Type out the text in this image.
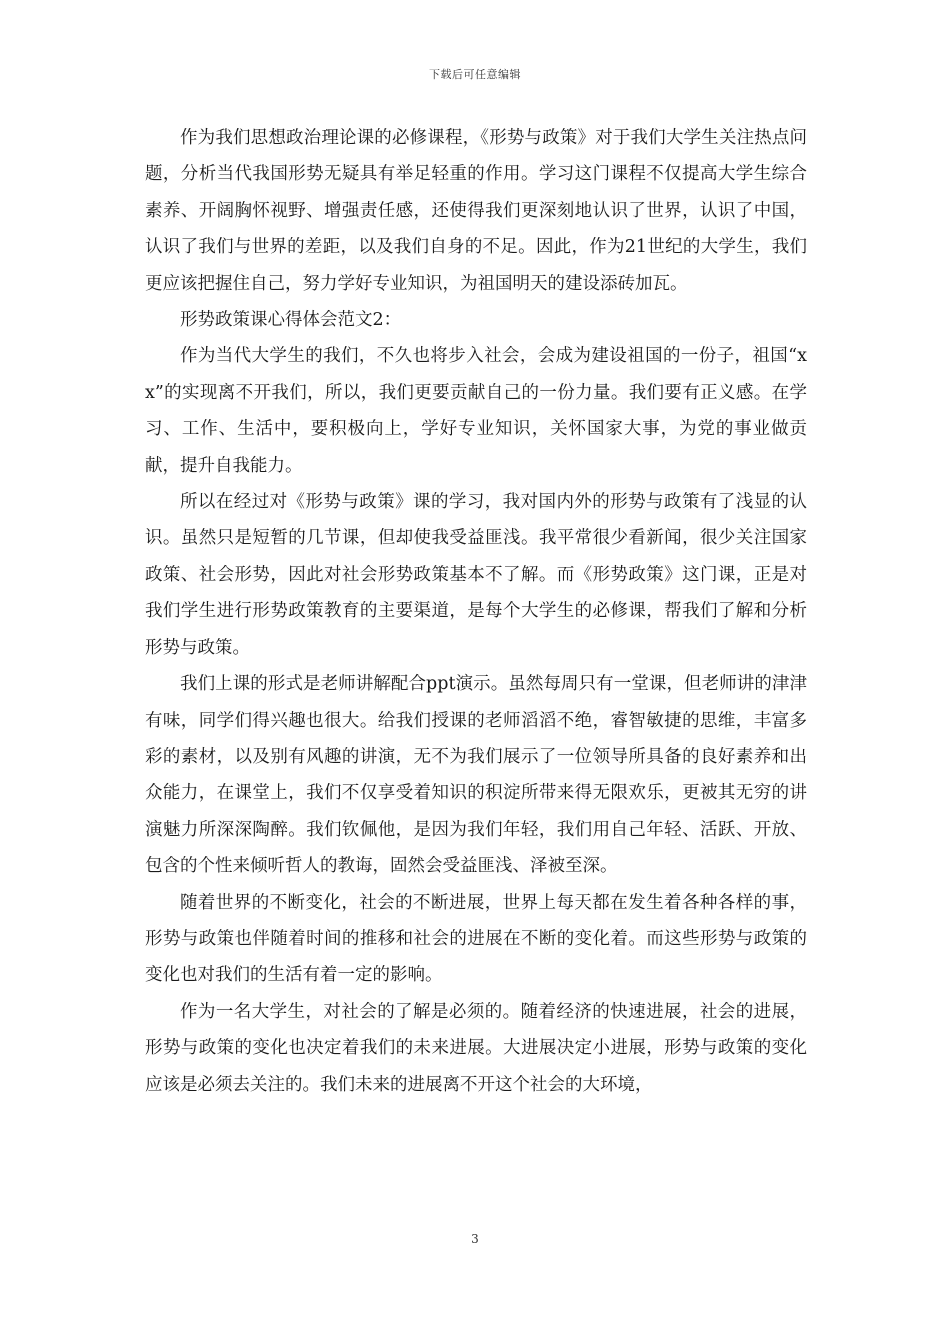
下载后可任意编辑

作为我们思想政治理论课的必修课程，《形势与政策》对于我们大学生关注热点问题，分析当代我国形势无疑具有举足轻重的作用。学习这门课程不仅提高大学生综合素养、开阔胸怀视野、增强责任感，还使得我们更深刻地认识了世界，认识了中国，认识了我们与世界的差距，以及我们自身的不足。因此，作为21世纪的大学生，我们更应该把握住自己，努力学好专业知识，为祖国明天的建设添砖加瓦。

形势政策课心得体会范文2：

作为当代大学生的我们，不久也将步入社会，会成为建设祖国的一份子，祖国“xx”的实现离不开我们，所以，我们更要贡献自己的一份力量。我们要有正义感。在学习、工作、生活中，要积极向上，学好专业知识，关怀国家大事，为党的事业做贡献，提升自我能力。

所以在经过对《形势与政策》课的学习，我对国内外的形势与政策有了浅显的认识。虽然只是短暂的几节课，但却使我受益匪浅。我平常很少看新闻，很少关注国家政策、社会形势，因此对社会形势政策基本不了解。而《形势政策》这门课，正是对我们学生进行形势政策教育的主要渠道，是每个大学生的必修课，帮我们了解和分析形势与政策。

我们上课的形式是老师讲解配合ppt演示。虽然每周只有一堂课，但老师讲的津津有味，同学们得兴趣也很大。给我们授课的老师滔滔不绝，睿智敏捷的思维，丰富多彩的素材，以及别有风趣的讲演，无不为我们展示了一位领导所具备的良好素养和出众能力，在课堂上，我们不仅享受着知识的积淀所带来得无限欢乐，更被其无穷的讲演魅力所深深陶醉。我们钦佩他，是因为我们年轻，我们用自己年轻、活跃、开放、包含的个性来倾听哲人的教诲，固然会受益匪浅、泽被至深。

随着世界的不断变化，社会的不断进展，世界上每天都在发生着各种各样的事，形势与政策也伴随着时间的推移和社会的进展在不断的变化着。而这些形势与政策的变化也对我们的生活有着一定的影响。

作为一名大学生，对社会的了解是必须的。随着经济的快速进展，社会的进展，形势与政策的变化也决定着我们的未来进展。大进展决定小进展，形势与政策的变化应该是必须去关注的。我们未来的进展离不开这个社会的大环境，

3
